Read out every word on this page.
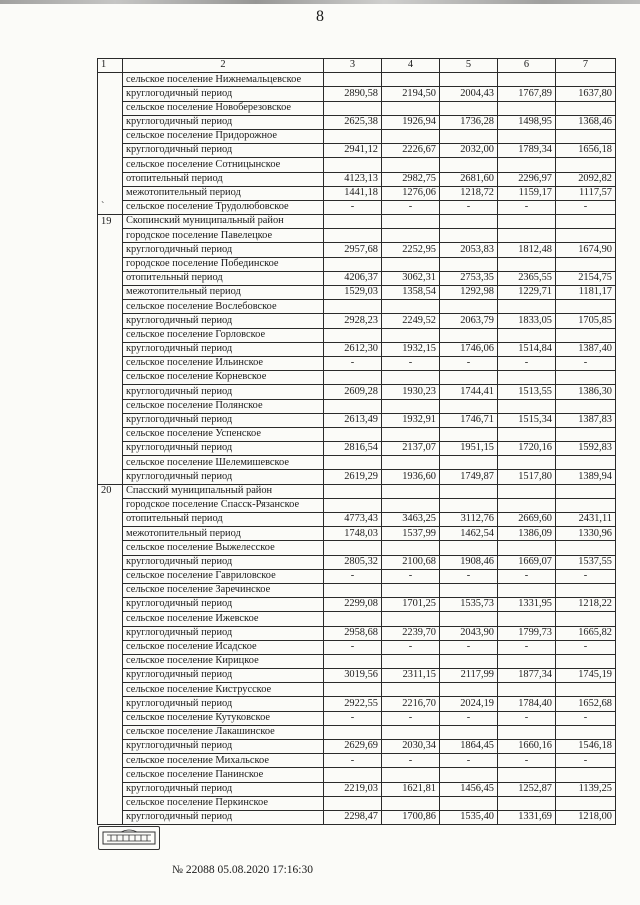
8
1	2	3	4	5	6	7
	сельское поселение Нижнемальцевское					
	круглогодичный период	2890,58	2194,50	2004,43	1767,89	1637,80
	сельское поселение Новоберезовское					
	круглогодичный период	2625,38	1926,94	1736,28	1498,95	1368,46
	сельское поселение Придорожное					
	круглогодичный период	2941,12	2226,67	2032,00	1789,34	1656,18
	сельское поселение Сотницынское					
	отопительный период	4123,13	2982,75	2681,60	2296,97	2092,82
	межотопительный период	1441,18	1276,06	1218,72	1159,17	1117,57
`	сельское поселение Трудолюбовское	-	-	-	-	-
19	Скопинский муниципальный район					
	городское поселение Павелецкое					
	круглогодичный период	2957,68	2252,95	2053,83	1812,48	1674,90
	городское поселение Побединское					
	отопительный период	4206,37	3062,31	2753,35	2365,55	2154,75
	межотопительный период	1529,03	1358,54	1292,98	1229,71	1181,17
	сельское поселение Вослебовское					
	круглогодичный период	2928,23	2249,52	2063,79	1833,05	1705,85
	сельское поселение Горловское					
	круглогодичный период	2612,30	1932,15	1746,06	1514,84	1387,40
	сельское поселение Ильинское	-	-	-	-	-
	сельское поселение Корневское					
	круглогодичный период	2609,28	1930,23	1744,41	1513,55	1386,30
	сельское поселение Полянское					
	круглогодичный период	2613,49	1932,91	1746,71	1515,34	1387,83
	сельское поселение Успенское					
	круглогодичный период	2816,54	2137,07	1951,15	1720,16	1592,83
	сельское поселение Шелемишевское					
	круглогодичный период	2619,29	1936,60	1749,87	1517,80	1389,94
20	Спасский муниципальный район					
	городское поселение Спасск-Рязанское					
	отопительный период	4773,43	3463,25	3112,76	2669,60	2431,11
	межотопительный период	1748,03	1537,99	1462,54	1386,09	1330,96
	сельское поселение Выжелесское					
	круглогодичный период	2805,32	2100,68	1908,46	1669,07	1537,55
	сельское поселение Гавриловское	-	-	-	-	-
	сельское поселение Заречинское					
	круглогодичный период	2299,08	1701,25	1535,73	1331,95	1218,22
	сельское поселение Ижевское					
	круглогодичный период	2958,68	2239,70	2043,90	1799,73	1665,82
	сельское поселение Исадское	-	-	-	-	-
	сельское поселение Кирицкое					
	круглогодичный период	3019,56	2311,15	2117,99	1877,34	1745,19
	сельское поселение Киструсское					
	круглогодичный период	2922,55	2216,70	2024,19	1784,40	1652,68
	сельское поселение Кутуковское	-	-	-	-	-
	сельское поселение Лакашинское					
	круглогодичный период	2629,69	2030,34	1864,45	1660,16	1546,18
	сельское поселение Михальское	-	-	-	-	-
	сельское поселение Панинское					
	круглогодичный период	2219,03	1621,81	1456,45	1252,87	1139,25
	сельское поселение Перкинское					
	круглогодичный период	2298,47	1700,86	1535,40	1331,69	1218,00
№ 22088 05.08.2020 17:16:30
